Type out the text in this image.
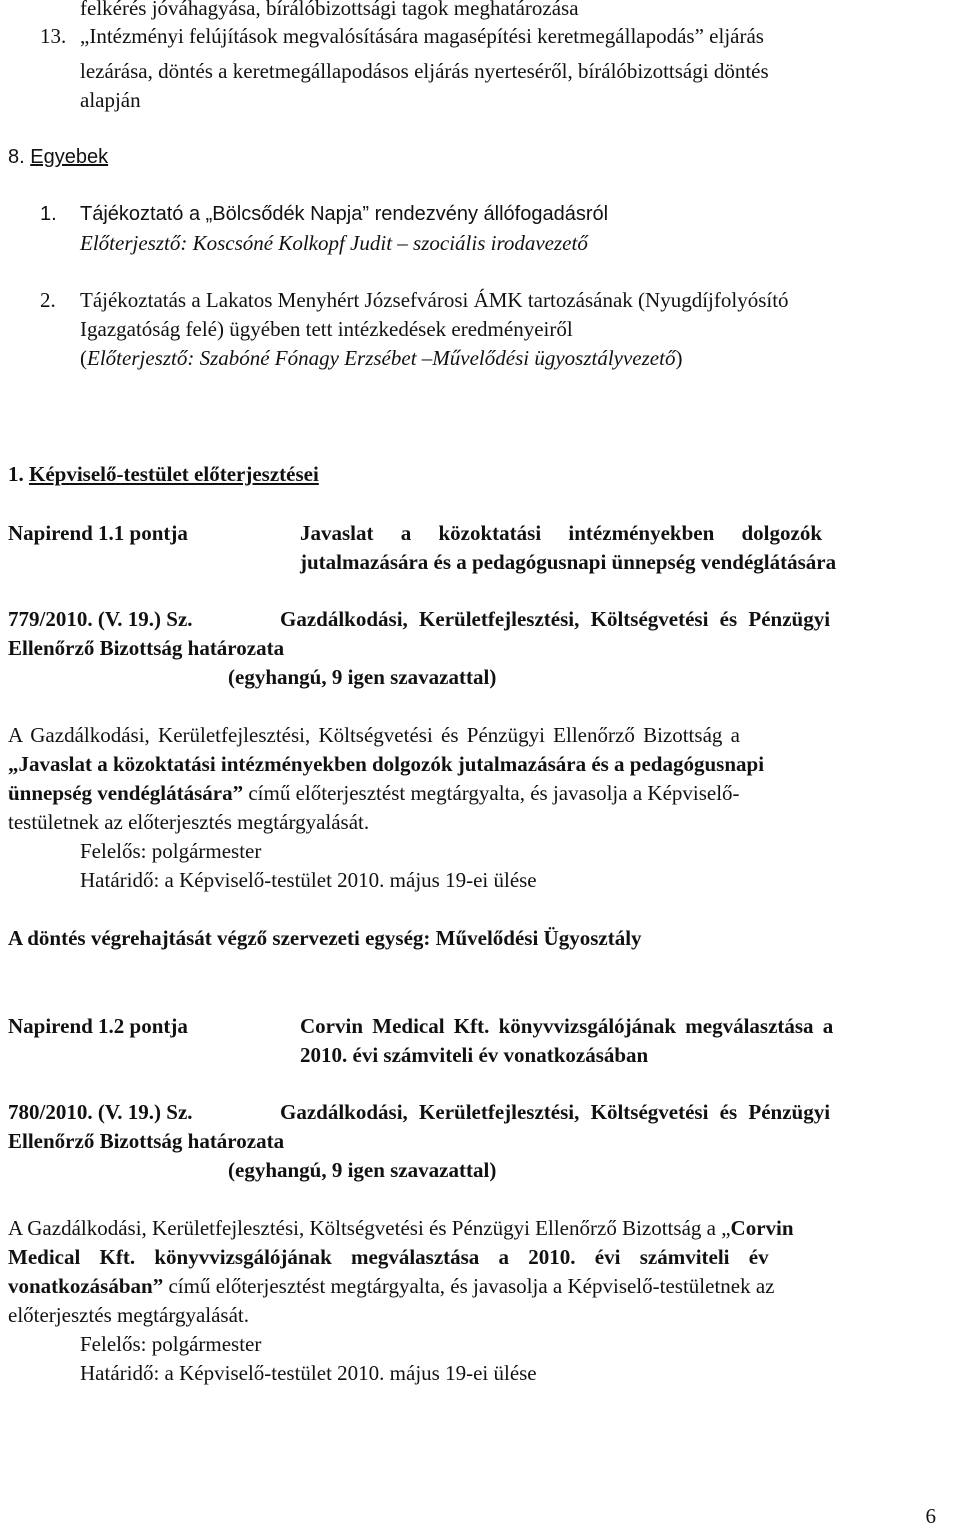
felkérés jóváhagyása, bírálóbizottsági tagok meghatározása
13. „Intézményi felújítások megvalósítására magasépítési keretmegállapodás” eljárás
lezárása, döntés a keretmegállapodásos eljárás nyerteséről, bírálóbizottsági döntés
alapján
8. Egyebek
1. Tájékoztató a „Bölcsődék Napja” rendezvény állófogadásról
Előterjesztő: Koscsóné Kolkopf Judit – szociális irodavezető
2. Tájékoztatás a Lakatos Menyhért Józsefvárosi ÁMK tartozásának (Nyugdíjfolyósító
Igazgatóság felé) ügyében tett intézkedések eredményeiről
(Előterjesztő: Szabóné Fónagy Erzsébet –Művelődési ügyosztályvezető)
1. Képviselő-testület előterjesztései
Napirend 1.1 pontja	Javaslat a közoktatási intézményekben dolgozók
jutalmazására és a pedagógusnapi ünnepség vendéglátására
779/2010. (V. 19.) Sz.	Gazdálkodási, Kerületfejlesztési, Költségvetési és Pénzügyi
Ellenőrző Bizottság határozata
(egyhangú, 9 igen szavazattal)
A Gazdálkodási, Kerületfejlesztési, Költségvetési és Pénzügyi Ellenőrző Bizottság a
„Javaslat a közoktatási intézményekben dolgozók jutalmazására és a pedagógusnapi
ünnepség vendéglátására” című előterjesztést megtárgyalta, és javasolja a Képviselő-
testületnek az előterjesztés megtárgyalását.
Felelős: polgármester
Határidő: a Képviselő-testület 2010. május 19-ei ülése
A döntés végrehajtását végző szervezeti egység: Művelődési Ügyosztály
Napirend 1.2 pontja	Corvin Medical Kft. könyvvizsgálójának megválasztása a
2010. évi számviteli év vonatkozásában
780/2010. (V. 19.) Sz.	Gazdálkodási, Kerületfejlesztési, Költségvetési és Pénzügyi
Ellenőrző Bizottság határozata
(egyhangú, 9 igen szavazattal)
A Gazdálkodási, Kerületfejlesztési, Költségvetési és Pénzügyi Ellenőrző Bizottság a „Corvin
Medical Kft. könyvvizsgálójának megválasztása a 2010. évi számviteli év
vonatkozásában” című előterjesztést megtárgyalta, és javasolja a Képviselő-testületnek az
előterjesztés megtárgyalását.
Felelős: polgármester
Határidő: a Képviselő-testület 2010. május 19-ei ülése
6
